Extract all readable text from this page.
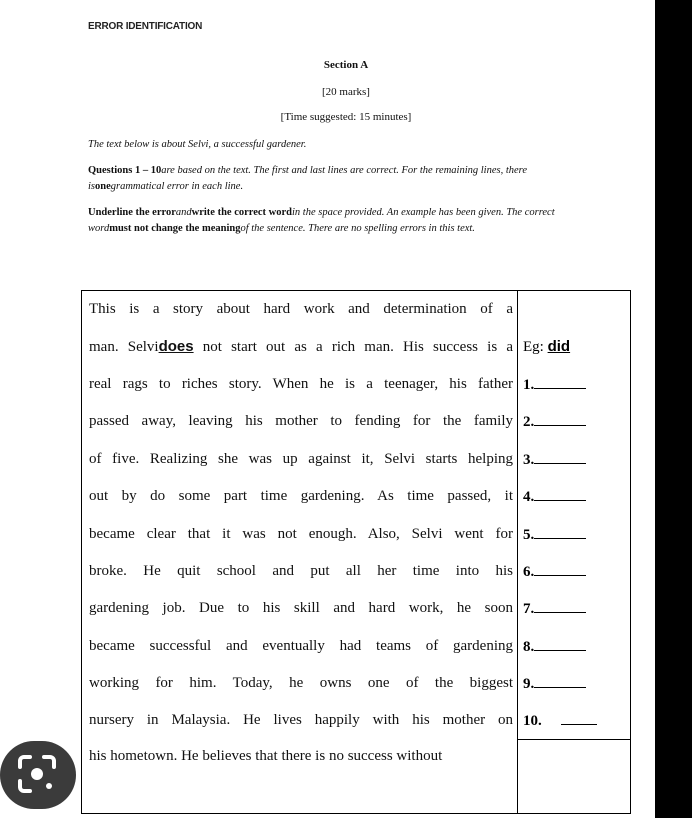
ERROR IDENTIFICATION
Section A
[20 marks]
[Time suggested: 15 minutes]
The text below is about Selvi, a successful gardener.
Questions 1 – 10are based on the text. The first and last lines are correct. For the remaining lines, there isonegrammatical error in each line.
Underline the errorandwrite the correct wordin the space provided. An example has been given. The correct wordmust not change the meaningof the sentence. There are no spelling errors in this text.
This is a story about hard work and determination of a	
man. Selvidoes not start out as a rich man. His success is a	Eg: did
real rags to riches story. When he is a teenager, his father	1.
passed away, leaving his mother to fending for the family	2.
of five. Realizing she was up against it, Selvi starts helping	3.
out by do some part time gardening. As time passed, it	4.
became clear that it was not enough. Also, Selvi went for	5.
broke. He quit school and put all her time into his	6.
gardening job. Due to his skill and hard work, he soon	7.
became successful and eventually had teams of gardening	8.
working for him. Today, he owns one of the biggest	9.
nursery in Malaysia. He lives happily with his mother on	10.
his hometown. He believes that there is no success without	
